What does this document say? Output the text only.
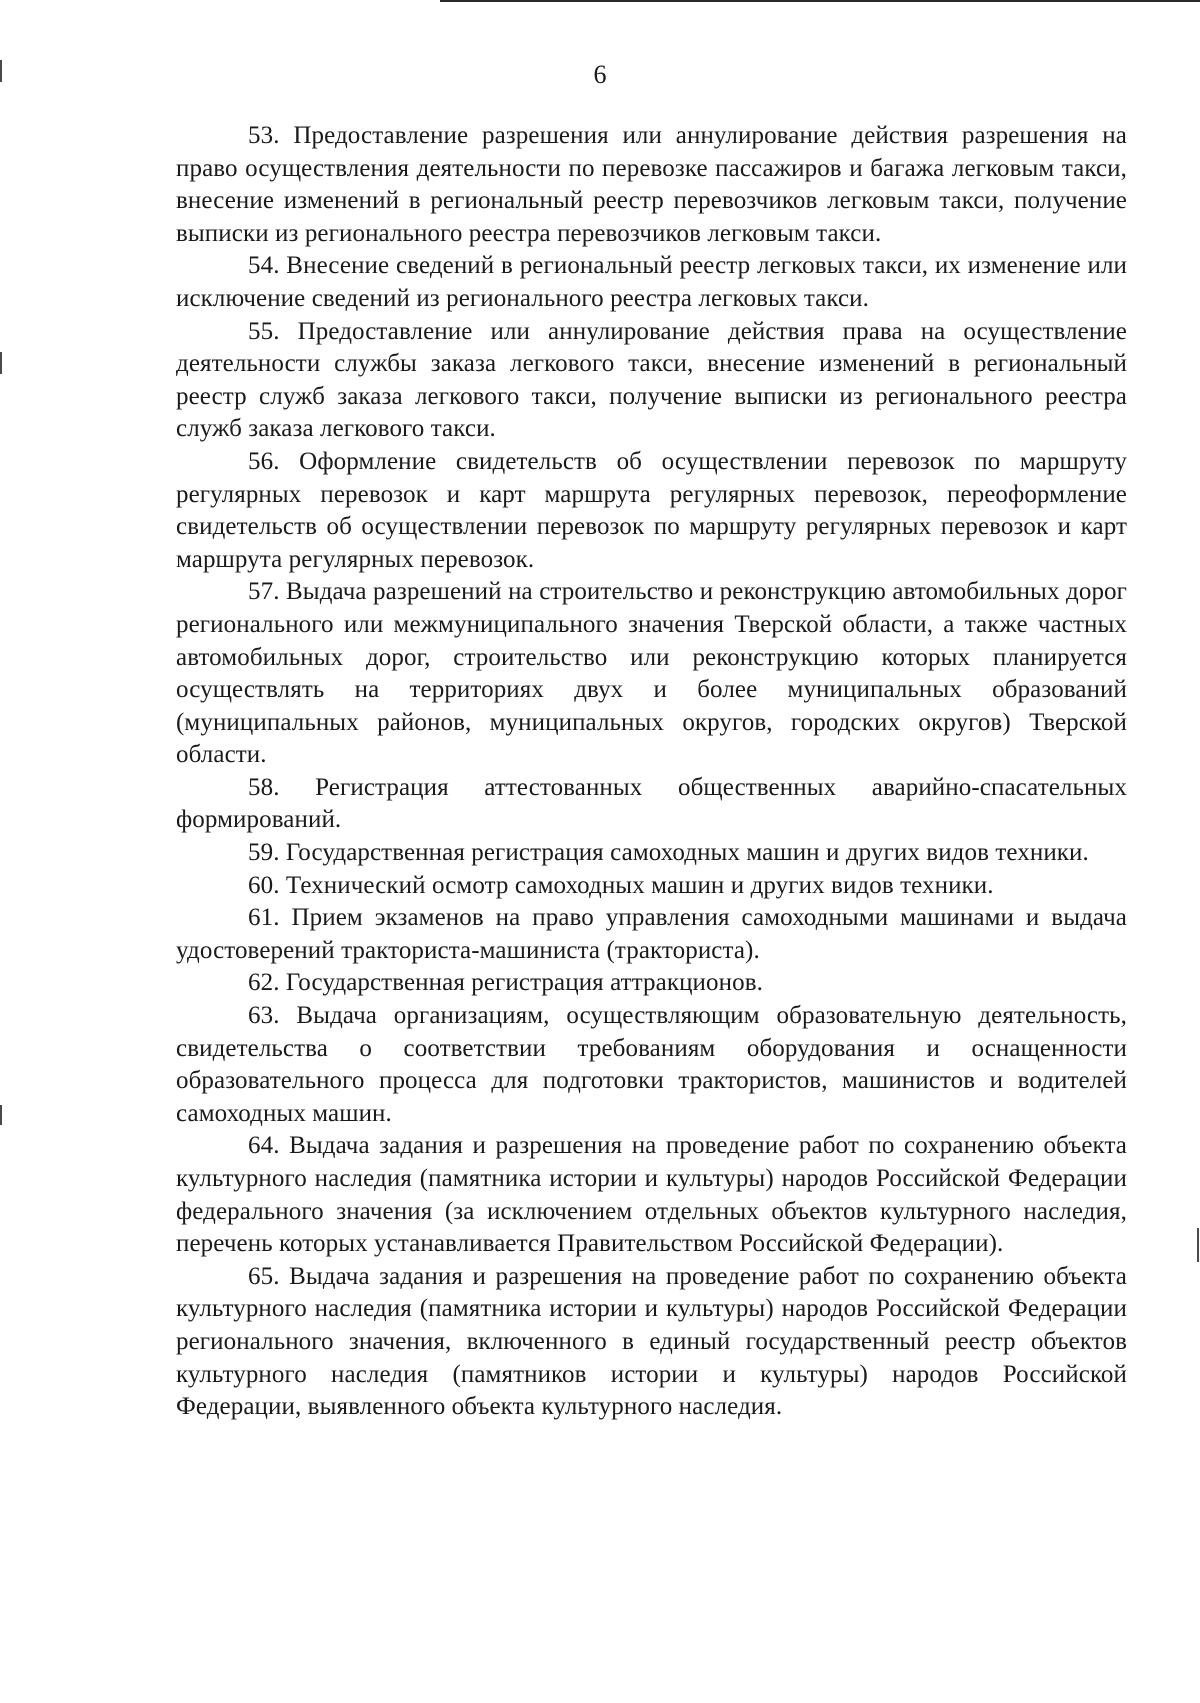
6

53. Предоставление разрешения или аннулирование действия разрешения на право осуществления деятельности по перевозке пассажиров и багажа легковым такси, внесение изменений в региональный реестр перевозчиков легковым такси, получение выписки из регионального реестра перевозчиков легковым такси.

54. Внесение сведений в региональный реестр легковых такси, их изменение или исключение сведений из регионального реестра легковых такси.

55. Предоставление или аннулирование действия права на осуществление деятельности службы заказа легкового такси, внесение изменений в региональный реестр служб заказа легкового такси, получение выписки из регионального реестра служб заказа легкового такси.

56. Оформление свидетельств об осуществлении перевозок по маршруту регулярных перевозок и карт маршрута регулярных перевозок, переоформление свидетельств об осуществлении перевозок по маршруту регулярных перевозок и карт маршрута регулярных перевозок.

57. Выдача разрешений на строительство и реконструкцию автомобильных дорог регионального или межмуниципального значения Тверской области, а также частных автомобильных дорог, строительство или реконструкцию которых планируется осуществлять на территориях двух и более муниципальных образований (муниципальных районов, муниципальных округов, городских округов) Тверской области.

58. Регистрация аттестованных общественных аварийно-спасательных формирований.

59. Государственная регистрация самоходных машин и других видов техники.

60. Технический осмотр самоходных машин и других видов техники.

61. Прием экзаменов на право управления самоходными машинами и выдача удостоверений тракториста-машиниста (тракториста).

62. Государственная регистрация аттракционов.

63. Выдача организациям, осуществляющим образовательную деятельность, свидетельства о соответствии требованиям оборудования и оснащенности образовательного процесса для подготовки трактористов, машинистов и водителей самоходных машин.

64. Выдача задания и разрешения на проведение работ по сохранению объекта культурного наследия (памятника истории и культуры) народов Российской Федерации федерального значения (за исключением отдельных объектов культурного наследия, перечень которых устанавливается Правительством Российской Федерации).

65. Выдача задания и разрешения на проведение работ по сохранению объекта культурного наследия (памятника истории и культуры) народов Российской Федерации регионального значения, включенного в единый государственный реестр объектов культурного наследия (памятников истории и культуры) народов Российской Федерации, выявленного объекта культурного наследия.
